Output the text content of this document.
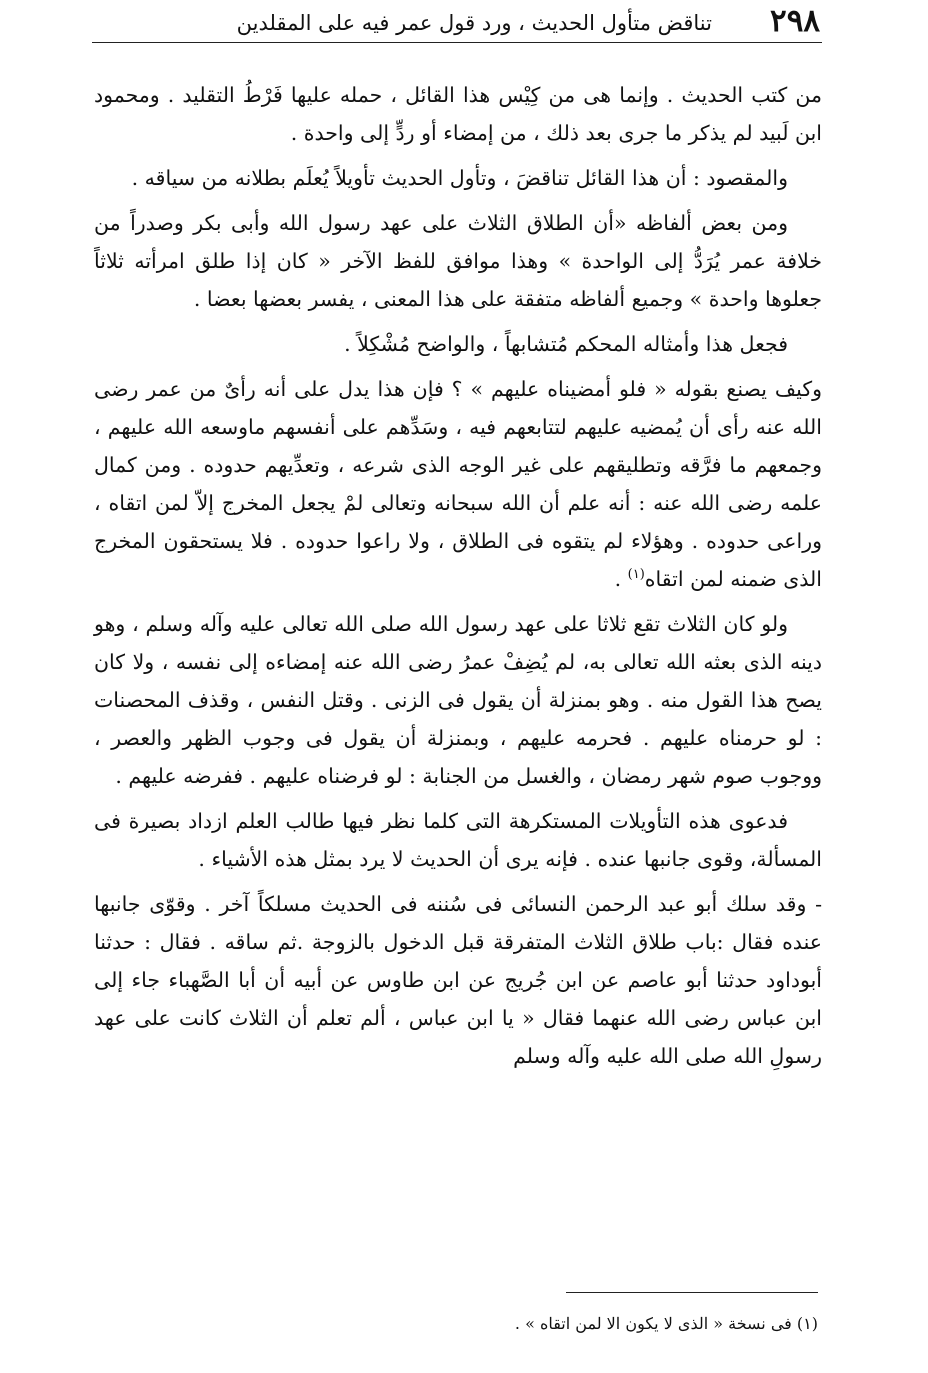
٢٩٨
تناقض متأول الحديث ، ورد قول عمر فيه على المقلدين

من كتب الحديث . وإنما هى من كِيْس هذا القائل ، حمله عليها فَرْطُ التقليد . ومحمود ابن لَبيد لم يذكر ما جرى بعد ذلك ، من إمضاء أو ردٍّ إلى واحدة .

والمقصود : أن هذا القائل تناقضَ ، وتأول الحديث تأويلاً يُعلَم بطلانه من سياقه .

ومن بعض ألفاظه «أن الطلاق الثلاث على عهد رسول الله وأبى بكر وصدراً من خلافة عمر يُرَدُّ إلى الواحدة » وهذا موافق للفظ الآخر « كان إذا طلق امرأته ثلاثاً جعلوها واحدة » وجميع ألفاظه متفقة على هذا المعنى ، يفسر بعضها بعضا .

فجعل هذا وأمثاله المحكم مُتشابهاً ، والواضح مُشْكِلاً .

وكيف يصنع بقوله « فلو أمضيناه عليهم » ؟ فإن هذا يدل على أنه رأىٌ من عمر رضى الله عنه رأى أن يُمضيه عليهم لتتابعهم فيه ، وسَدِّهم على أنفسهم ماوسعه الله عليهم ، وجمعهم ما فرَّقه وتطليقهم على غير الوجه الذى شرعه ، وتعدِّيهم حدوده . ومن كمال علمه رضى الله عنه : أنه علم أن الله سبحانه وتعالى لمْ يجعل المخرج إلاّ لمن اتقاه ، وراعى حدوده . وهؤلاء لم يتقوه فى الطلاق ، ولا راعوا حدوده . فلا يستحقون المخرج الذى ضمنه لمن اتقاه$^{(١)}$ .

ولو كان الثلاث تقع ثلاثا على عهد رسول الله صلى الله تعالى عليه وآله وسلم ، وهو دينه الذى بعثه الله تعالى به، لم يُضِفْ عمرُ رضى الله عنه إمضاءه إلى نفسه ، ولا كان يصح هذا القول منه . وهو بمنزلة أن يقول فى الزنى . وقتل النفس ، وقذف المحصنات : لو حرمناه عليهم . فحرمه عليهم ، وبمنزلة أن يقول فى وجوب الظهر والعصر ، ووجوب صوم شهر رمضان ، والغسل من الجنابة : لو فرضناه عليهم . ففرضه عليهم .

فدعوى هذه التأويلات المستكرهة التى كلما نظر فيها طالب العلم ازداد بصيرة فى المسألة، وقوى جانبها عنده . فإنه يرى أن الحديث لا يرد بمثل هذه الأشياء .

- وقد سلك أبو عبد الرحمن النسائى فى سُننه فى الحديث مسلكاً آخر . وقوّى جانبها عنده فقال :باب طلاق الثلاث المتفرقة قبل الدخول بالزوجة .ثم ساقه . فقال : حدثنا أبوداود حدثنا أبو عاصم عن ابن جُريج عن ابن طاوس عن أبيه أن أبا الصَّهباء جاء إلى ابن عباس رضى الله عنهما فقال « يا ابن عباس ، ألم تعلم أن الثلاث كانت على عهد رسولِ الله صلى الله عليه وآله وسلم

(١) فى نسخة « الذى لا يكون الا لمن اتقاه » .
